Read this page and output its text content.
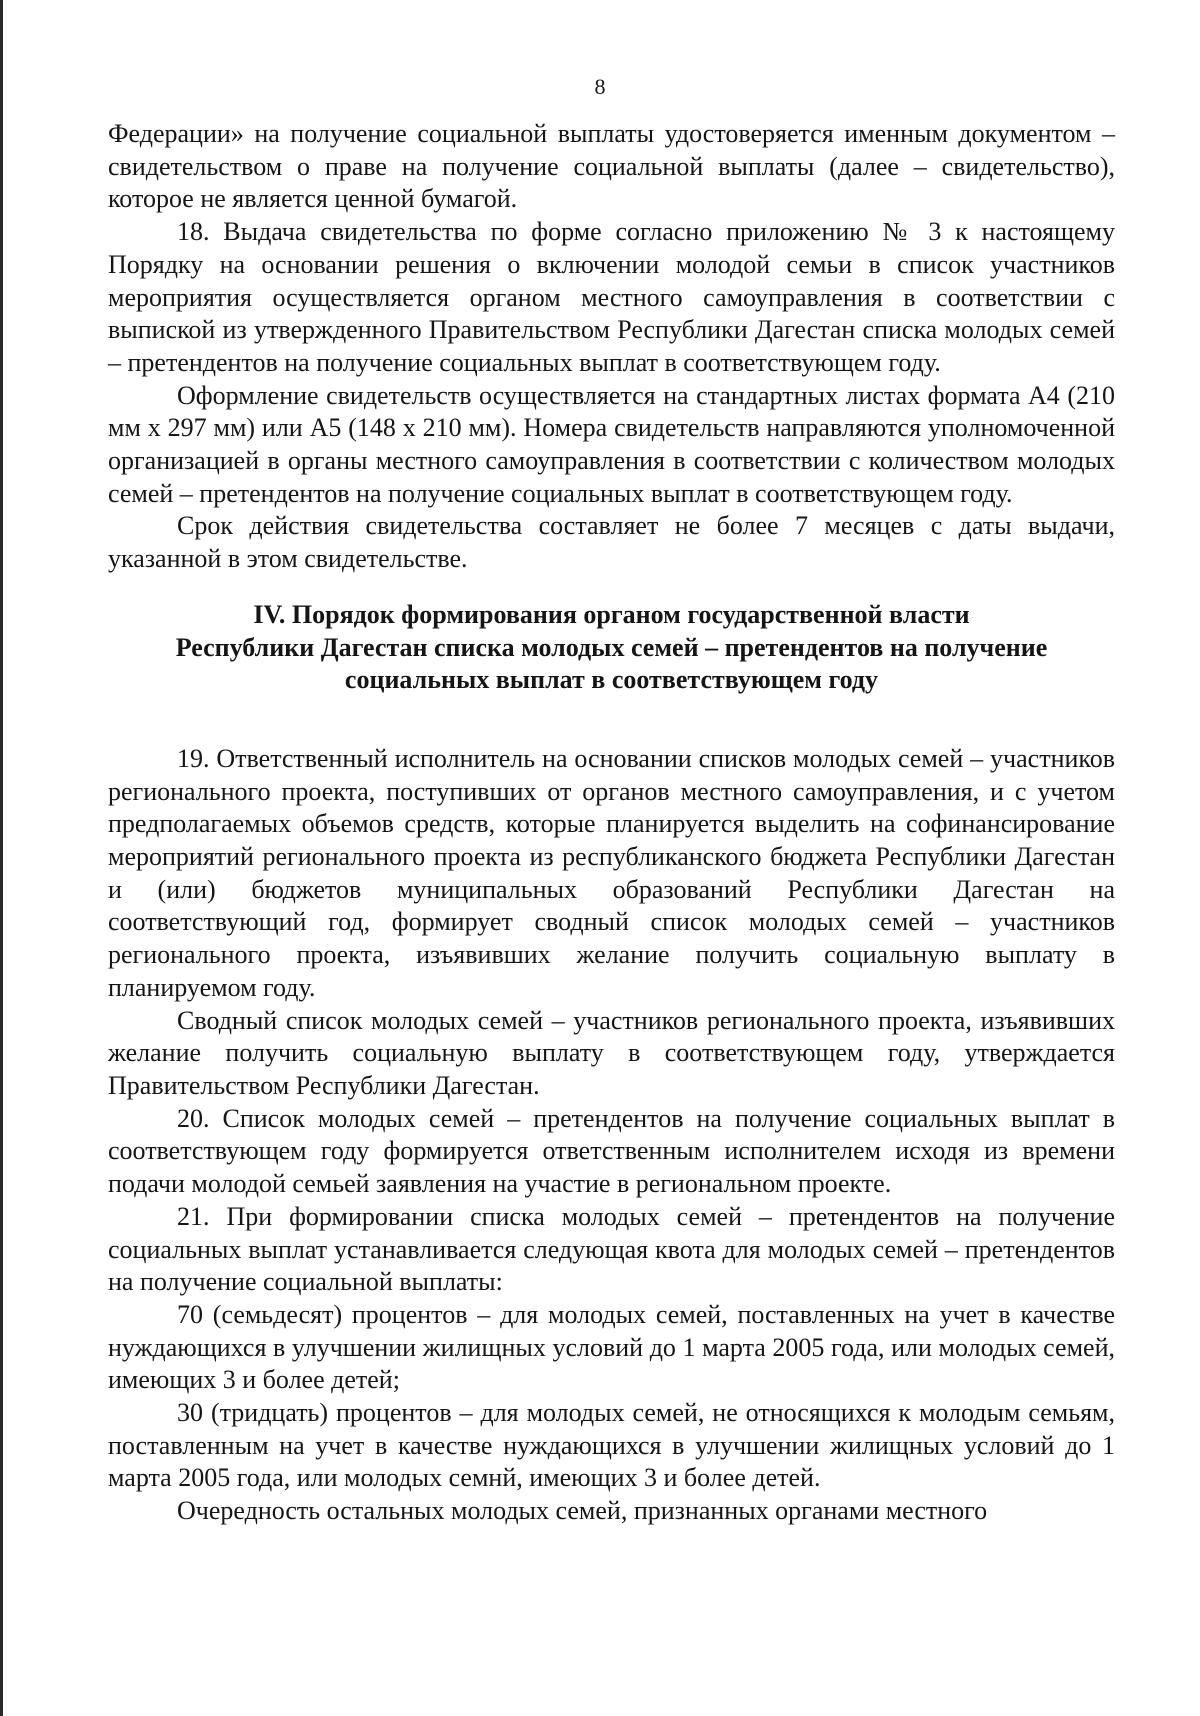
8

Федерации» на получение социальной выплаты удостоверяется именным документом – свидетельством о праве на получение социальной выплаты (далее – свидетельство), которое не является ценной бумагой.

18. Выдача свидетельства по форме согласно приложению № 3 к настоящему Порядку на основании решения о включении молодой семьи в список участников мероприятия осуществляется органом местного самоуправления в соответствии с выпиской из утвержденного Правительством Республики Дагестан списка молодых семей – претендентов на получение социальных выплат в соответствующем году.

Оформление свидетельств осуществляется на стандартных листах формата А4 (210 мм х 297 мм) или А5 (148 х 210 мм). Номера свидетельств направляются уполномоченной организацией в органы местного самоуправления в соответствии с количеством молодых семей – претендентов на получение социальных выплат в соответствующем году.

Срок действия свидетельства составляет не более 7 месяцев с даты выдачи, указанной в этом свидетельстве.

IV. Порядок формирования органом государственной власти
Республики Дагестан списка молодых семей – претендентов на получение
социальных выплат в соответствующем году

19. Ответственный исполнитель на основании списков молодых семей – участников регионального проекта, поступивших от органов местного самоуправления, и с учетом предполагаемых объемов средств, которые планируется выделить на софинансирование мероприятий регионального проекта из республиканского бюджета Республики Дагестан и (или) бюджетов муниципальных образований Республики Дагестан на соответствующий год, формирует сводный список молодых семей – участников регионального проекта, изъявивших желание получить социальную выплату в планируемом году.

Сводный список молодых семей – участников регионального проекта, изъявивших желание получить социальную выплату в соответствующем году, утверждается Правительством Республики Дагестан.

20. Список молодых семей – претендентов на получение социальных выплат в соответствующем году формируется ответственным исполнителем исходя из времени подачи молодой семьей заявления на участие в региональном проекте.

21. При формировании списка молодых семей – претендентов на получение социальных выплат устанавливается следующая квота для молодых семей – претендентов на получение социальной выплаты:

70 (семьдесят) процентов – для молодых семей, поставленных на учет в качестве нуждающихся в улучшении жилищных условий до 1 марта 2005 года, или молодых семей, имеющих 3 и более детей;

30 (тридцать) процентов – для молодых семей, не относящихся к молодым семьям, поставленным на учет в качестве нуждающихся в улучшении жилищных условий до 1 марта 2005 года, или молодых семнй, имеющих 3 и более детей.

Очередность остальных молодых семей, признанных органами местного
